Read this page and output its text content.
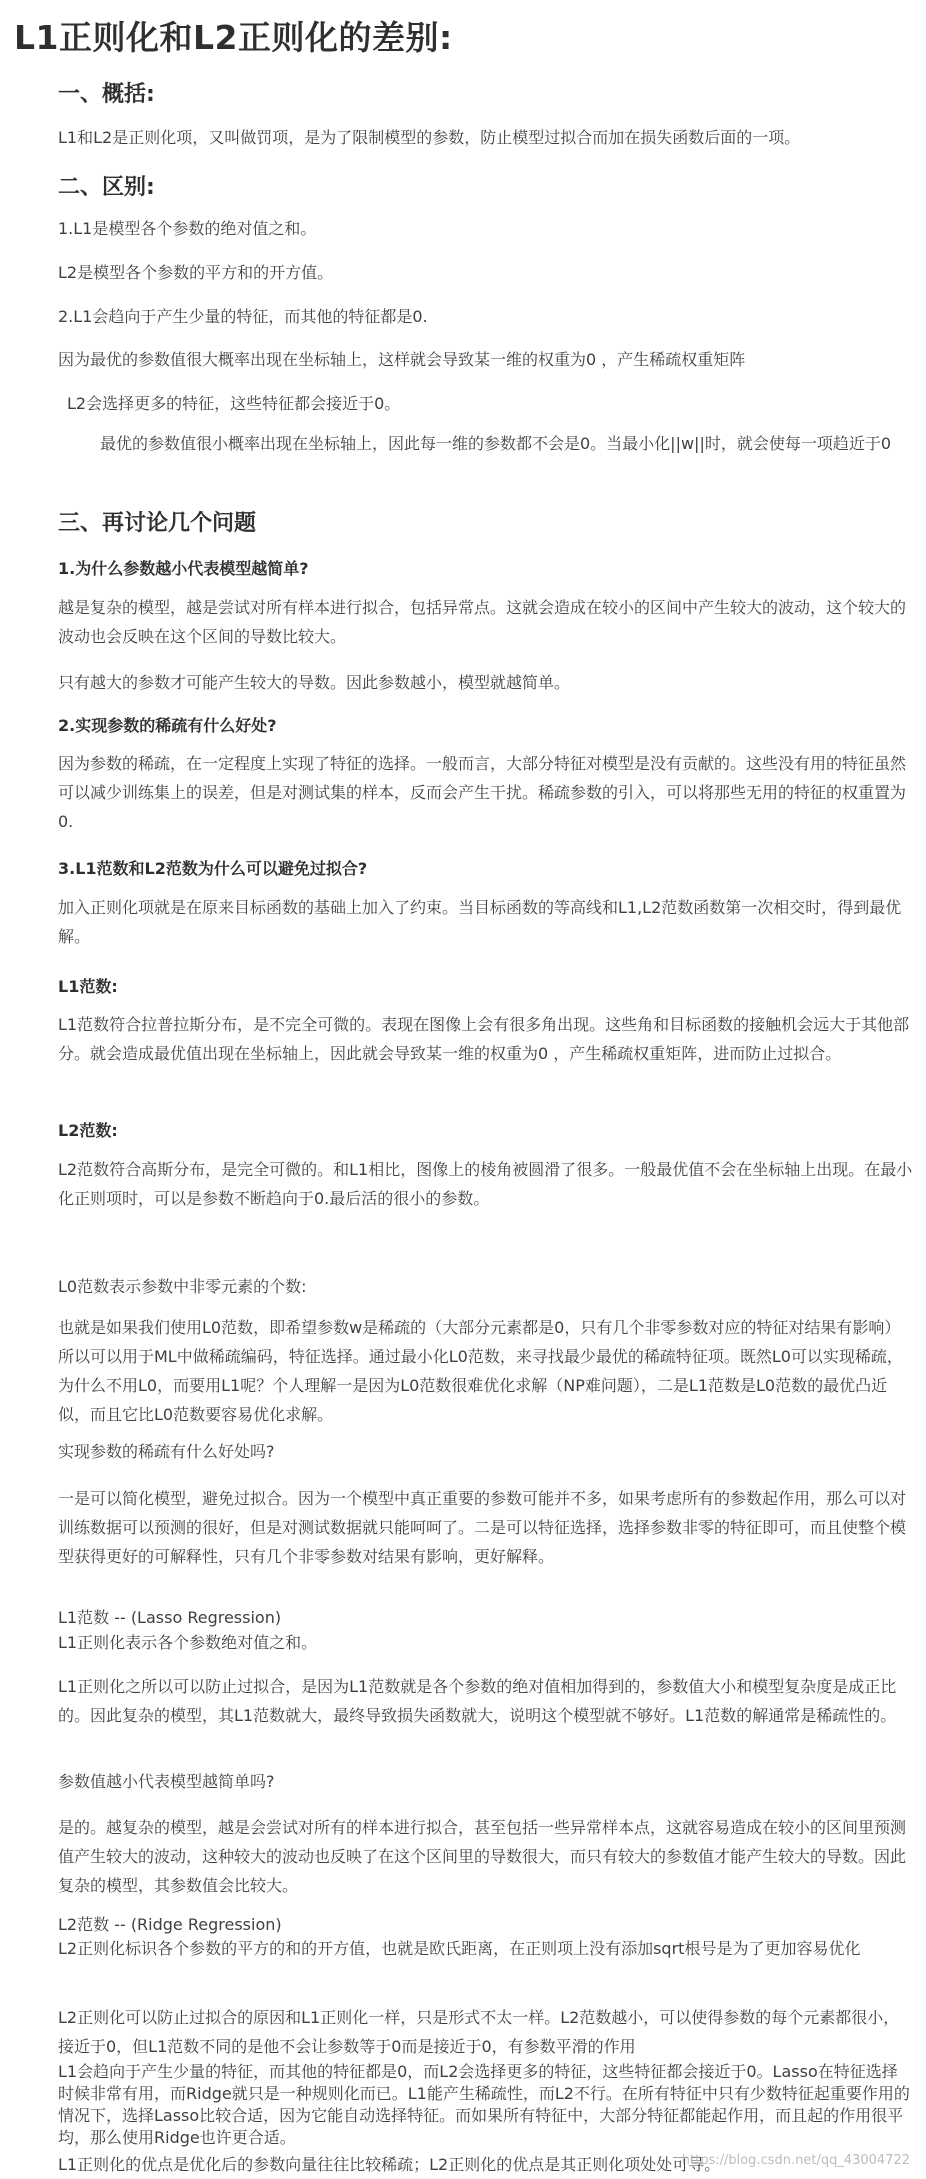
L1正则化和L2正则化的差别:
一、概括:
L1和L2是正则化项，又叫做罚项，是为了限制模型的参数，防止模型过拟合而加在损失函数后面的一项。
二、区别:
1.L1是模型各个参数的绝对值之和。
L2是模型各个参数的平方和的开方值。
2.L1会趋向于产生少量的特征，而其他的特征都是0.
因为最优的参数值很大概率出现在坐标轴上，这样就会导致某一维的权重为0 ，产生稀疏权重矩阵
L2会选择更多的特征，这些特征都会接近于0。
最优的参数值很小概率出现在坐标轴上，因此每一维的参数都不会是0。当最小化||w||时，就会使每一项趋近于0
三、再讨论几个问题
1.为什么参数越小代表模型越简单?
越是复杂的模型，越是尝试对所有样本进行拟合，包括异常点。这就会造成在较小的区间中产生较大的波动，这个较大的波动也会反映在这个区间的导数比较大。
只有越大的参数才可能产生较大的导数。因此参数越小，模型就越简单。
2.实现参数的稀疏有什么好处?
因为参数的稀疏，在一定程度上实现了特征的选择。一般而言，大部分特征对模型是没有贡献的。这些没有用的特征虽然可以减少训练集上的误差，但是对测试集的样本，反而会产生干扰。稀疏参数的引入，可以将那些无用的特征的权重置为0.
3.L1范数和L2范数为什么可以避免过拟合?
加入正则化项就是在原来目标函数的基础上加入了约束。当目标函数的等高线和L1,L2范数函数第一次相交时，得到最优解。
L1范数:
L1范数符合拉普拉斯分布，是不完全可微的。表现在图像上会有很多角出现。这些角和目标函数的接触机会远大于其他部分。就会造成最优值出现在坐标轴上，因此就会导致某一维的权重为0 ，产生稀疏权重矩阵，进而防止过拟合。
L2范数:
L2范数符合高斯分布，是完全可微的。和L1相比，图像上的棱角被圆滑了很多。一般最优值不会在坐标轴上出现。在最小化正则项时，可以是参数不断趋向于0.最后活的很小的参数。
L0范数表示参数中非零元素的个数:
也就是如果我们使用L0范数，即希望参数w是稀疏的（大部分元素都是0，只有几个非零参数对应的特征对结果有影响）所以可以用于ML中做稀疏编码，特征选择。通过最小化L0范数，来寻找最少最优的稀疏特征项。既然L0可以实现稀疏，为什么不用L0，而要用L1呢？个人理解一是因为L0范数很难优化求解（NP难问题），二是L1范数是L0范数的最优凸近似，而且它比L0范数要容易优化求解。
实现参数的稀疏有什么好处吗?
一是可以简化模型，避免过拟合。因为一个模型中真正重要的参数可能并不多，如果考虑所有的参数起作用，那么可以对训练数据可以预测的很好，但是对测试数据就只能呵呵了。二是可以特征选择，选择参数非零的特征即可，而且使整个模型获得更好的可解释性，只有几个非零参数对结果有影响，更好解释。
L1范数 -- (Lasso Regression)
L1正则化表示各个参数绝对值之和。
L1正则化之所以可以防止过拟合，是因为L1范数就是各个参数的绝对值相加得到的，参数值大小和模型复杂度是成正比的。因此复杂的模型，其L1范数就大，最终导致损失函数就大，说明这个模型就不够好。L1范数的解通常是稀疏性的。
参数值越小代表模型越简单吗?
是的。越复杂的模型，越是会尝试对所有的样本进行拟合，甚至包括一些异常样本点，这就容易造成在较小的区间里预测值产生较大的波动，这种较大的波动也反映了在这个区间里的导数很大，而只有较大的参数值才能产生较大的导数。因此复杂的模型，其参数值会比较大。
L2范数 -- (Ridge Regression)
L2正则化标识各个参数的平方的和的开方值，也就是欧氏距离，在正则项上没有添加sqrt根号是为了更加容易优化
L2正则化可以防止过拟合的原因和L1正则化一样，只是形式不太一样。L2范数越小，可以使得参数的每个元素都很小，接近于0，但L1范数不同的是他不会让参数等于0而是接近于0，有参数平滑的作用
L1会趋向于产生少量的特征，而其他的特征都是0，而L2会选择更多的特征，这些特征都会接近于0。Lasso在特征选择时候非常有用，而Ridge就只是一种规则化而已。L1能产生稀疏性，而L2不行。在所有特征中只有少数特征起重要作用的情况下，选择Lasso比较合适，因为它能自动选择特征。而如果所有特征中，大部分特征都能起作用，而且起的作用很平均，那么使用Ridge也许更合适。
L1正则化的优点是优化后的参数向量往往比较稀疏；L2正则化的优点是其正则化项处处可导。
https://blog.csdn.net/qq_43004722
